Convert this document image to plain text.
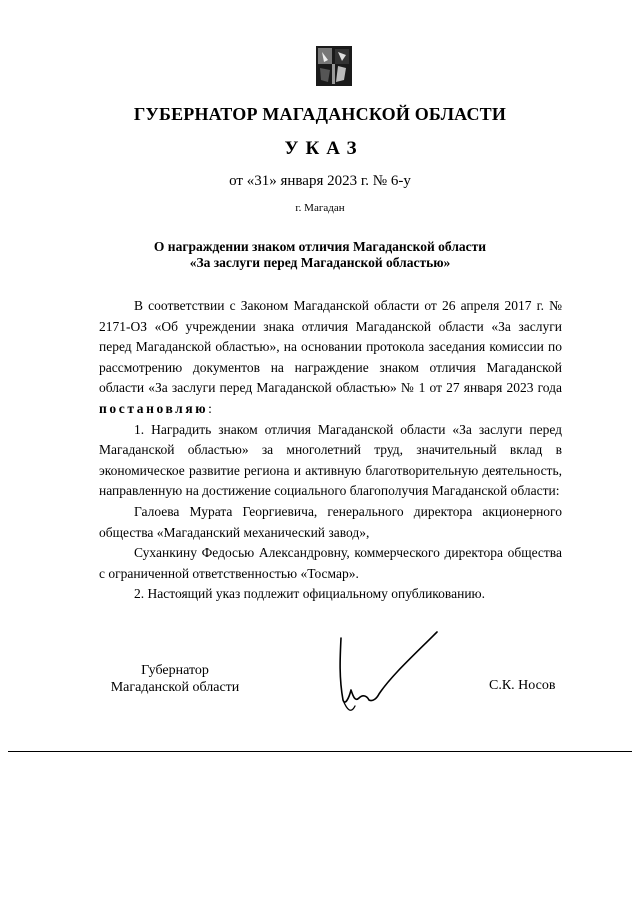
ГУБЕРНАТОР МАГАДАНСКОЙ ОБЛАСТИ
УКАЗ
от «31» января 2023 г. № 6-у
г. Магадан
О награждении знаком отличия Магаданской области
«За заслуги перед Магаданской областью»

В соответствии с Законом Магаданской области от 26 апреля 2017 г. № 2171-ОЗ «Об учреждении знака отличия Магаданской области «За заслуги перед Магаданской областью», на основании протокола заседания комиссии по рассмотрению документов на награждение знаком отличия Магаданской области «За заслуги перед Магаданской областью» № 1 от 27 января 2023 года постановляю:

1. Наградить знаком отличия Магаданской области «За заслуги перед Магаданской областью» за многолетний труд, значительный вклад в экономическое развитие региона и активную благотворительную деятельность, направленную на достижение социального благополучия Магаданской области:

Галоева Мурата Георгиевича, генерального директора акционерного общества «Магаданский механический завод»,

Суханкину Федосью Александровну, коммерческого директора общества с ограниченной ответственностью «Тосмар».

2. Настоящий указ подлежит официальному опубликованию.

Губернатор
Магаданской области	С.К. Носов
